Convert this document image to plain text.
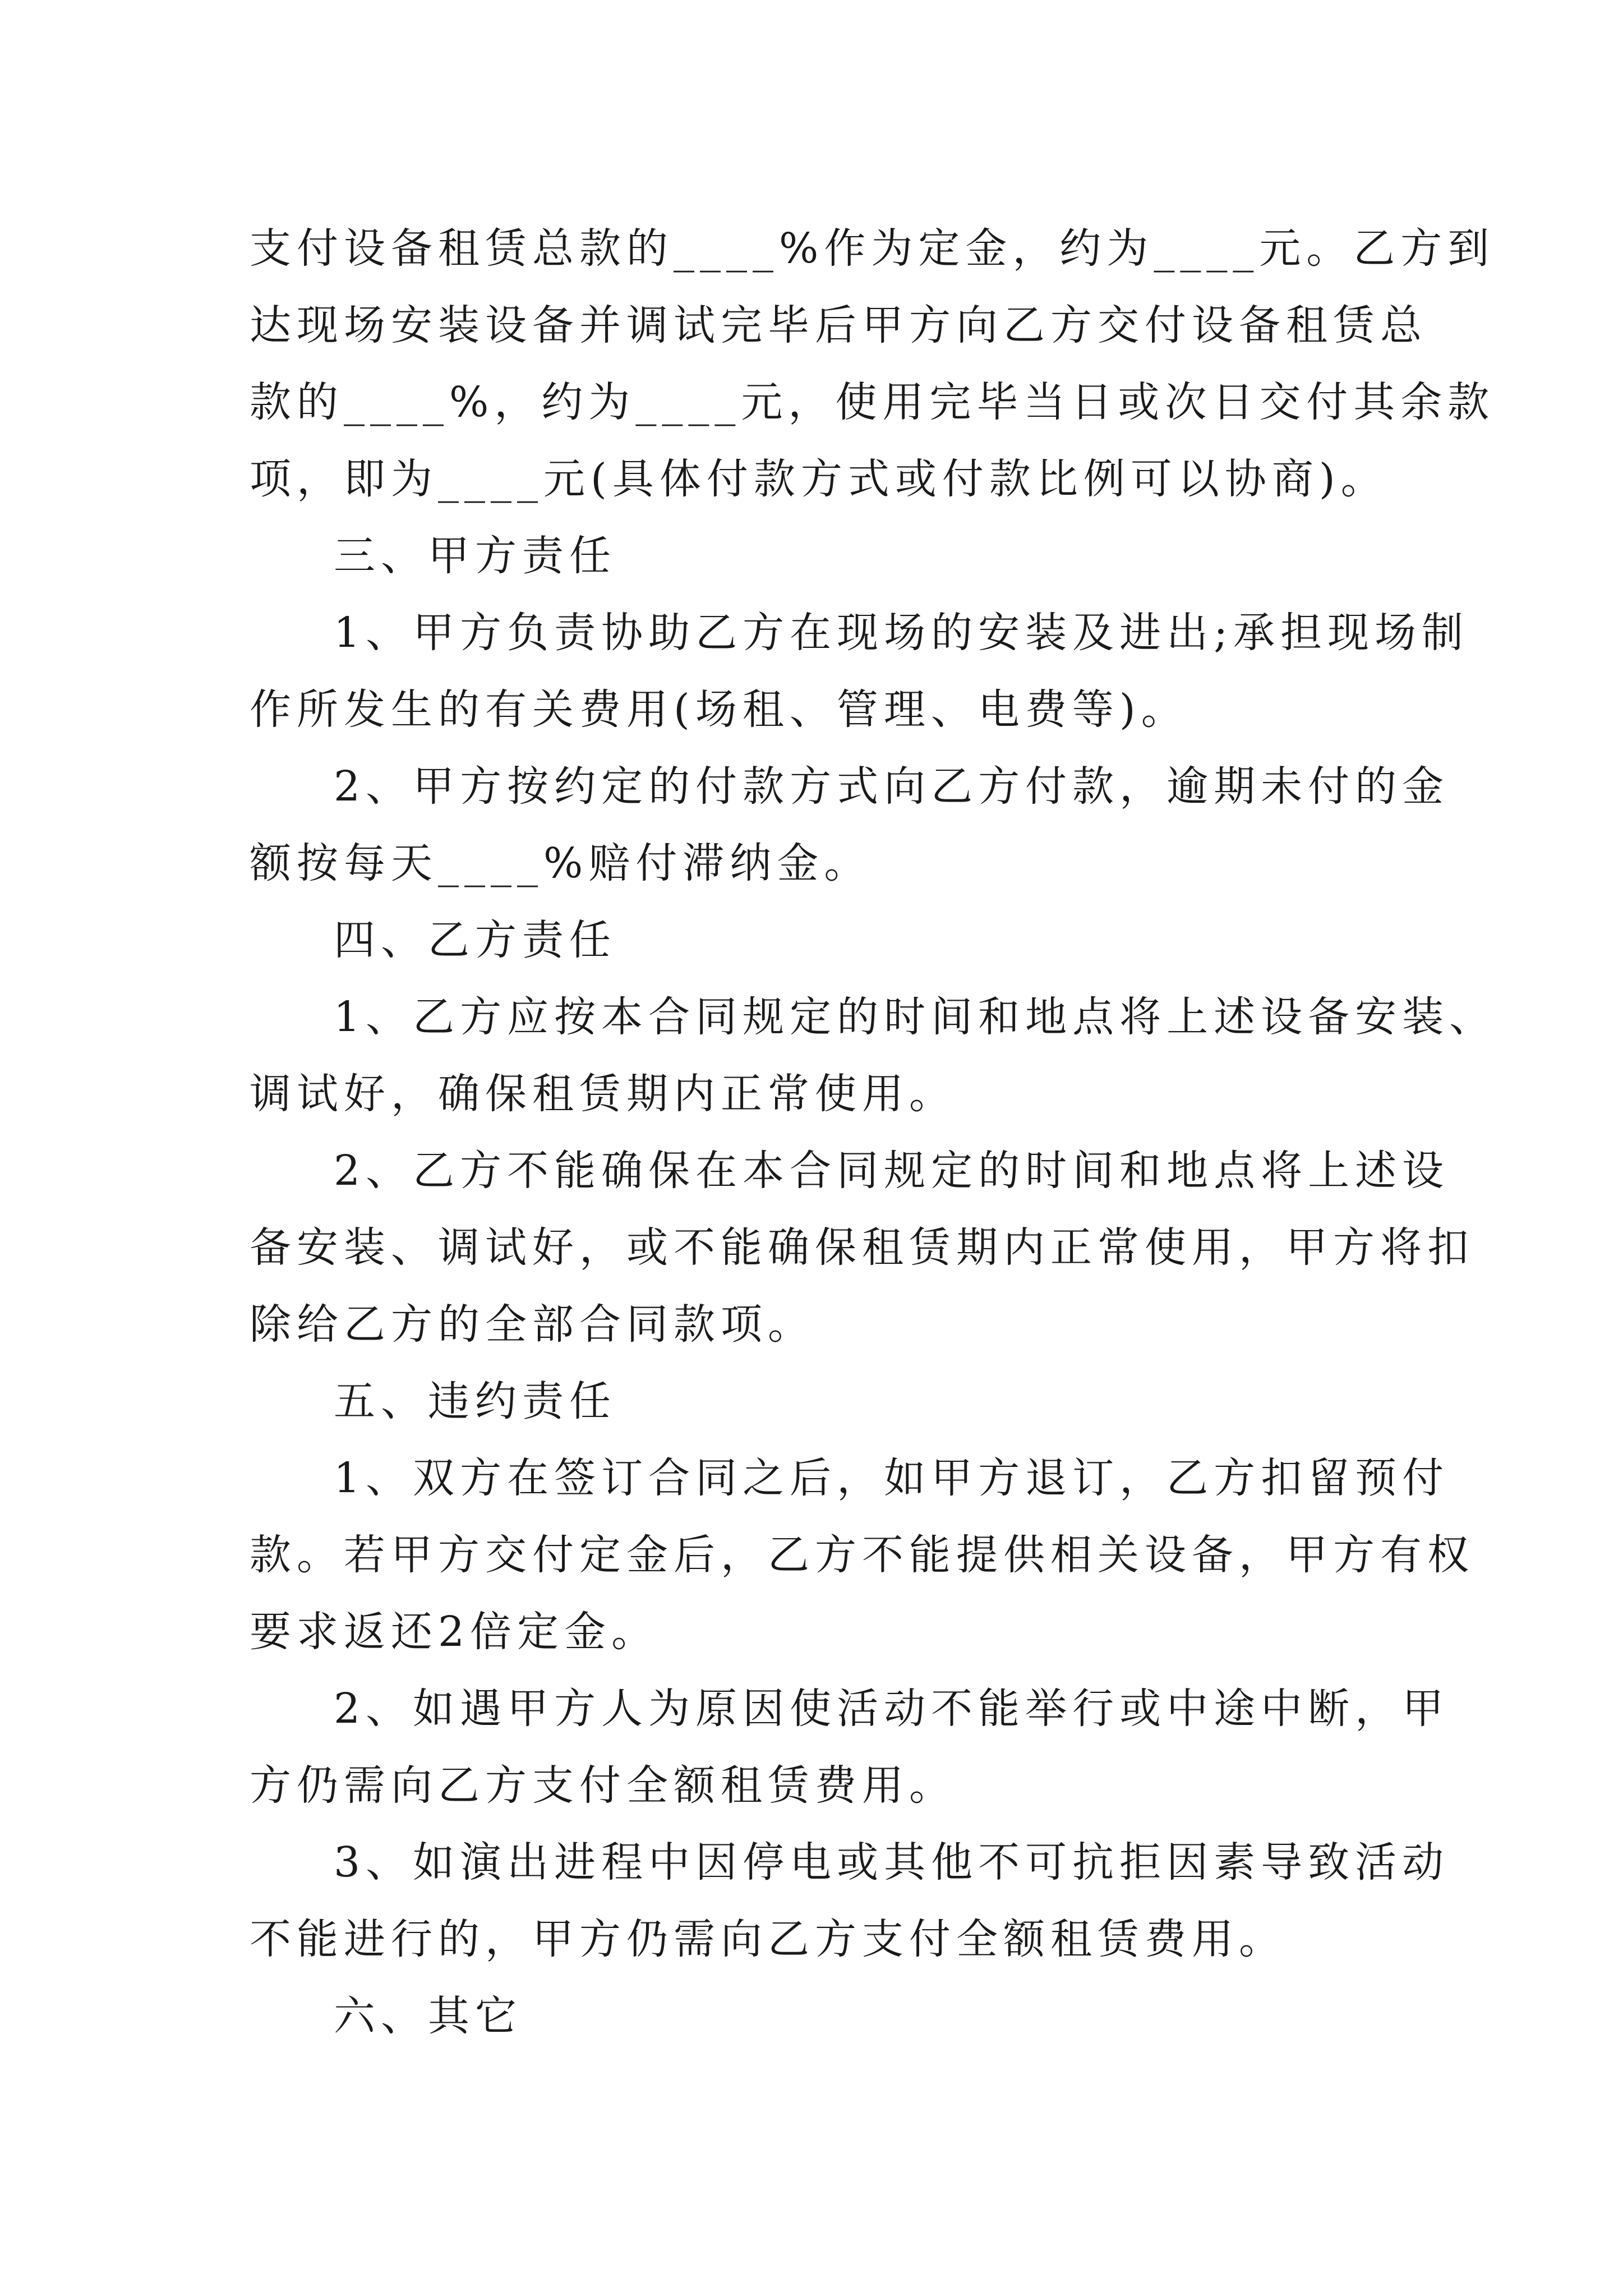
支付设备租赁总款的____%作为定金，约为____元。乙方到
达现场安装设备并调试完毕后甲方向乙方交付设备租赁总
款的____%，约为____元，使用完毕当日或次日交付其余款
项，即为____元(具体付款方式或付款比例可以协商)。
三、甲方责任
1、甲方负责协助乙方在现场的安装及进出;承担现场制
作所发生的有关费用(场租、管理、电费等)。
2、甲方按约定的付款方式向乙方付款，逾期未付的金
额按每天____%赔付滞纳金。
四、乙方责任
1、乙方应按本合同规定的时间和地点将上述设备安装、
调试好，确保租赁期内正常使用。
2、乙方不能确保在本合同规定的时间和地点将上述设
备安装、调试好，或不能确保租赁期内正常使用，甲方将扣
除给乙方的全部合同款项。
五、违约责任
1、双方在签订合同之后，如甲方退订，乙方扣留预付
款。若甲方交付定金后，乙方不能提供相关设备，甲方有权
要求返还2倍定金。
2、如遇甲方人为原因使活动不能举行或中途中断，甲
方仍需向乙方支付全额租赁费用。
3、如演出进程中因停电或其他不可抗拒因素导致活动
不能进行的，甲方仍需向乙方支付全额租赁费用。
六、其它
